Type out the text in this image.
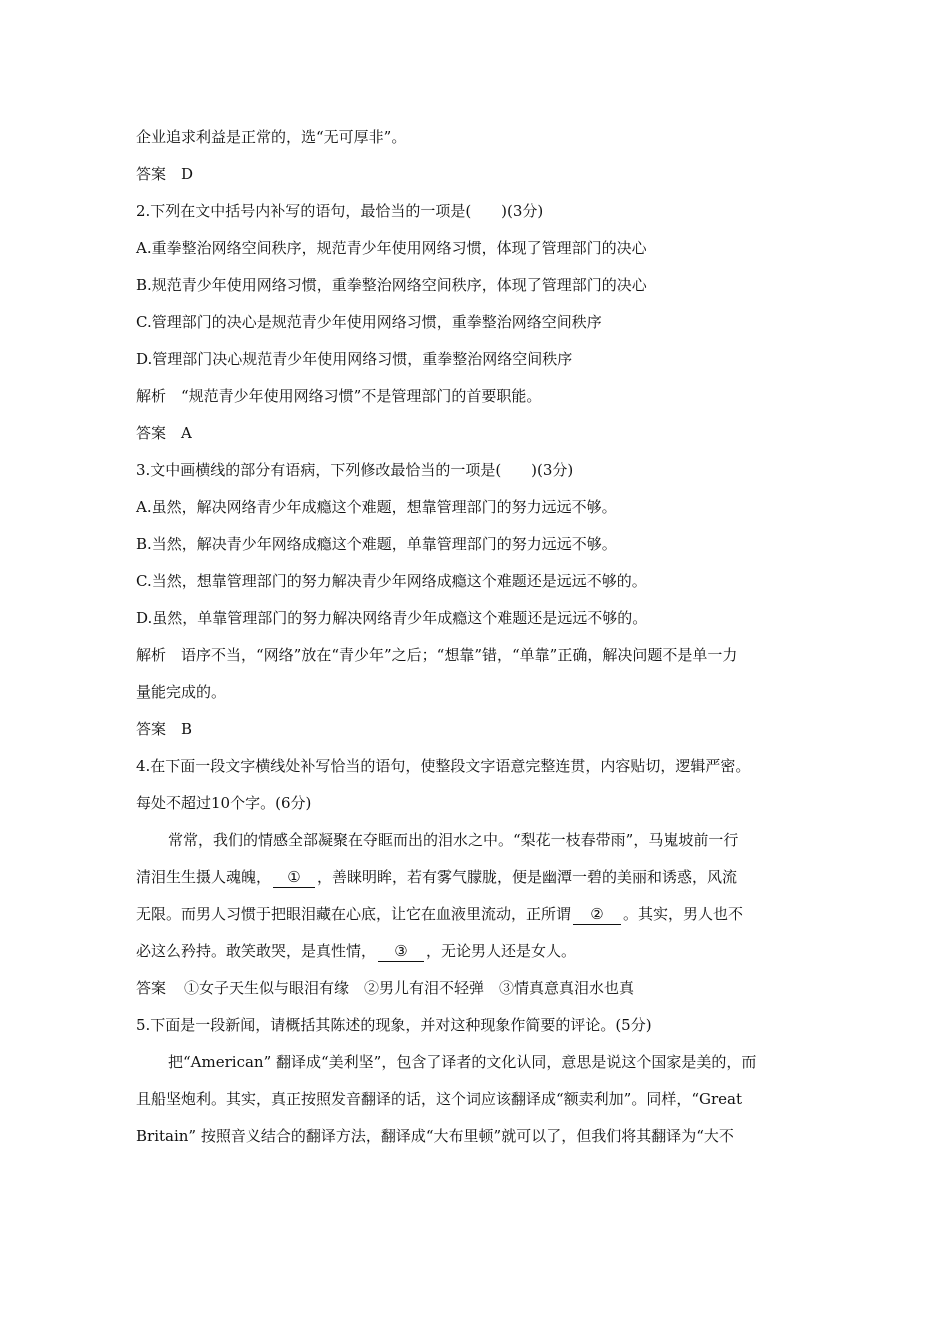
企业追求利益是正常的，选“无可厚非”。
答案　D
2.下列在文中括号内补写的语句，最恰当的一项是(　　)(3分)
A.重拳整治网络空间秩序，规范青少年使用网络习惯，体现了管理部门的决心
B.规范青少年使用网络习惯，重拳整治网络空间秩序，体现了管理部门的决心
C.管理部门的决心是规范青少年使用网络习惯，重拳整治网络空间秩序
D.管理部门决心规范青少年使用网络习惯，重拳整治网络空间秩序
解析　“规范青少年使用网络习惯”不是管理部门的首要职能。
答案　A
3.文中画横线的部分有语病，下列修改最恰当的一项是(　　)(3分)
A.虽然，解决网络青少年成瘾这个难题，想靠管理部门的努力远远不够。
B.当然，解决青少年网络成瘾这个难题，单靠管理部门的努力远远不够。
C.当然，想靠管理部门的努力解决青少年网络成瘾这个难题还是远远不够的。
D.虽然，单靠管理部门的努力解决网络青少年成瘾这个难题还是远远不够的。
解析　语序不当，“网络”放在“青少年”之后；“想靠”错，“单靠”正确，解决问题不是单一力
量能完成的。
答案　B
4.在下面一段文字横线处补写恰当的语句，使整段文字语意完整连贯，内容贴切，逻辑严密。
每处不超过10个字。(6分)
常常，我们的情感全部凝聚在夺眶而出的泪水之中。“梨花一枝春带雨”，马嵬坡前一行
清泪生生摄人魂魄， ① ，善睐明眸，若有雾气朦胧，便是幽潭一碧的美丽和诱惑，风流
无限。而男人习惯于把眼泪藏在心底，让它在血液里流动，正所谓 ② 。其实，男人也不
必这么矜持。敢笑敢哭，是真性情， ③ ，无论男人还是女人。
答案 ①女子天生似与眼泪有缘　②男儿有泪不轻弹　③情真意真泪水也真
5.下面是一段新闻，请概括其陈述的现象，并对这种现象作简要的评论。(5分)
把“American” 翻译成“美利坚”，包含了译者的文化认同，意思是说这个国家是美的，而
且船坚炮利。其实，真正按照发音翻译的话，这个词应该翻译成“额卖利加”。同样，“Great
Britain” 按照音义结合的翻译方法，翻译成“大布里顿”就可以了，但我们将其翻译为“大不
